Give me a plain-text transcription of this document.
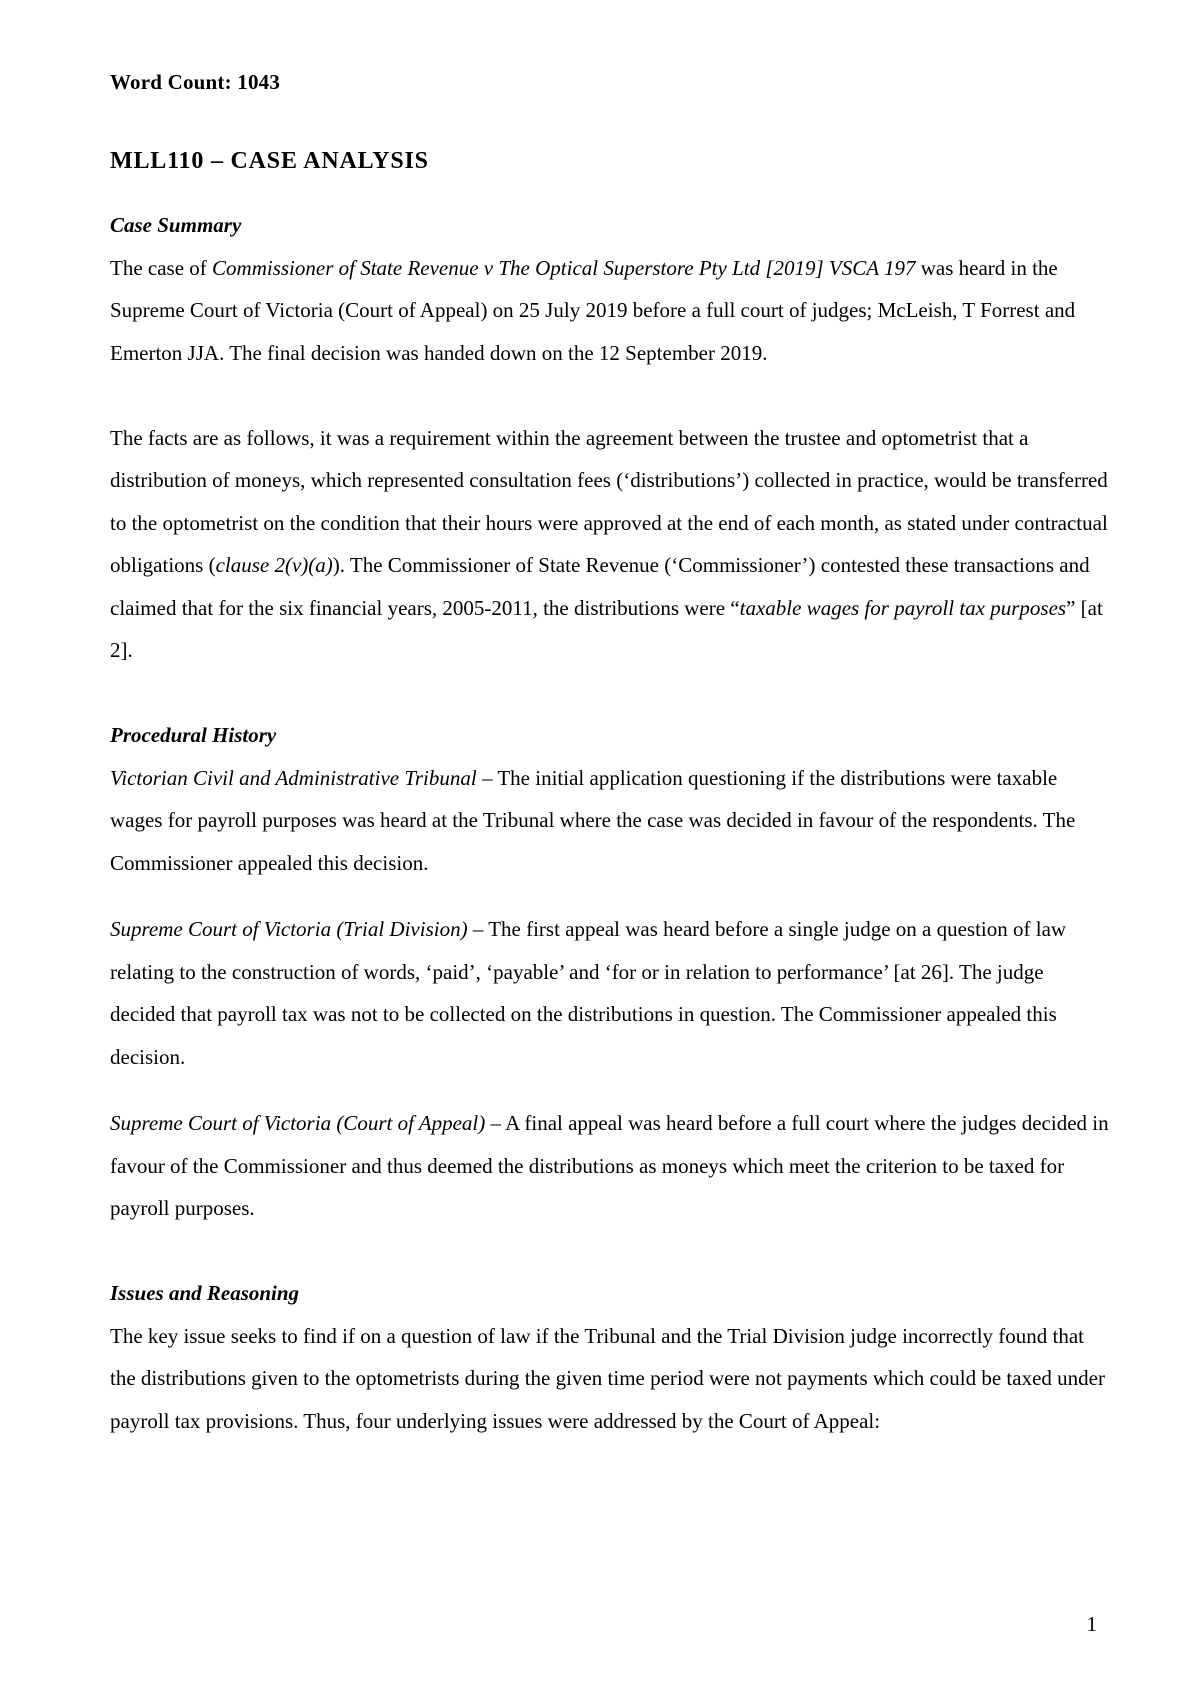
Word Count: 1043
MLL110 – CASE ANALYSIS
Case Summary

The case of Commissioner of State Revenue v The Optical Superstore Pty Ltd [2019] VSCA 197 was heard in the Supreme Court of Victoria (Court of Appeal) on 25 July 2019 before a full court of judges; McLeish, T Forrest and Emerton JJA. The final decision was handed down on the 12 September 2019.

The facts are as follows, it was a requirement within the agreement between the trustee and optometrist that a distribution of moneys, which represented consultation fees (‘distributions’) collected in practice, would be transferred to the optometrist on the condition that their hours were approved at the end of each month, as stated under contractual obligations (clause 2(v)(a)). The Commissioner of State Revenue (‘Commissioner’) contested these transactions and claimed that for the six financial years, 2005-2011, the distributions were “taxable wages for payroll tax purposes” [at 2].

Procedural History

Victorian Civil and Administrative Tribunal – The initial application questioning if the distributions were taxable wages for payroll purposes was heard at the Tribunal where the case was decided in favour of the respondents. The Commissioner appealed this decision.

Supreme Court of Victoria (Trial Division) – The first appeal was heard before a single judge on a question of law relating to the construction of words, ‘paid’, ‘payable’ and ‘for or in relation to performance’ [at 26]. The judge decided that payroll tax was not to be collected on the distributions in question. The Commissioner appealed this decision.

Supreme Court of Victoria (Court of Appeal) – A final appeal was heard before a full court where the judges decided in favour of the Commissioner and thus deemed the distributions as moneys which meet the criterion to be taxed for payroll purposes.

Issues and Reasoning

The key issue seeks to find if on a question of law if the Tribunal and the Trial Division judge incorrectly found that the distributions given to the optometrists during the given time period were not payments which could be taxed under payroll tax provisions. Thus, four underlying issues were addressed by the Court of Appeal:

1
